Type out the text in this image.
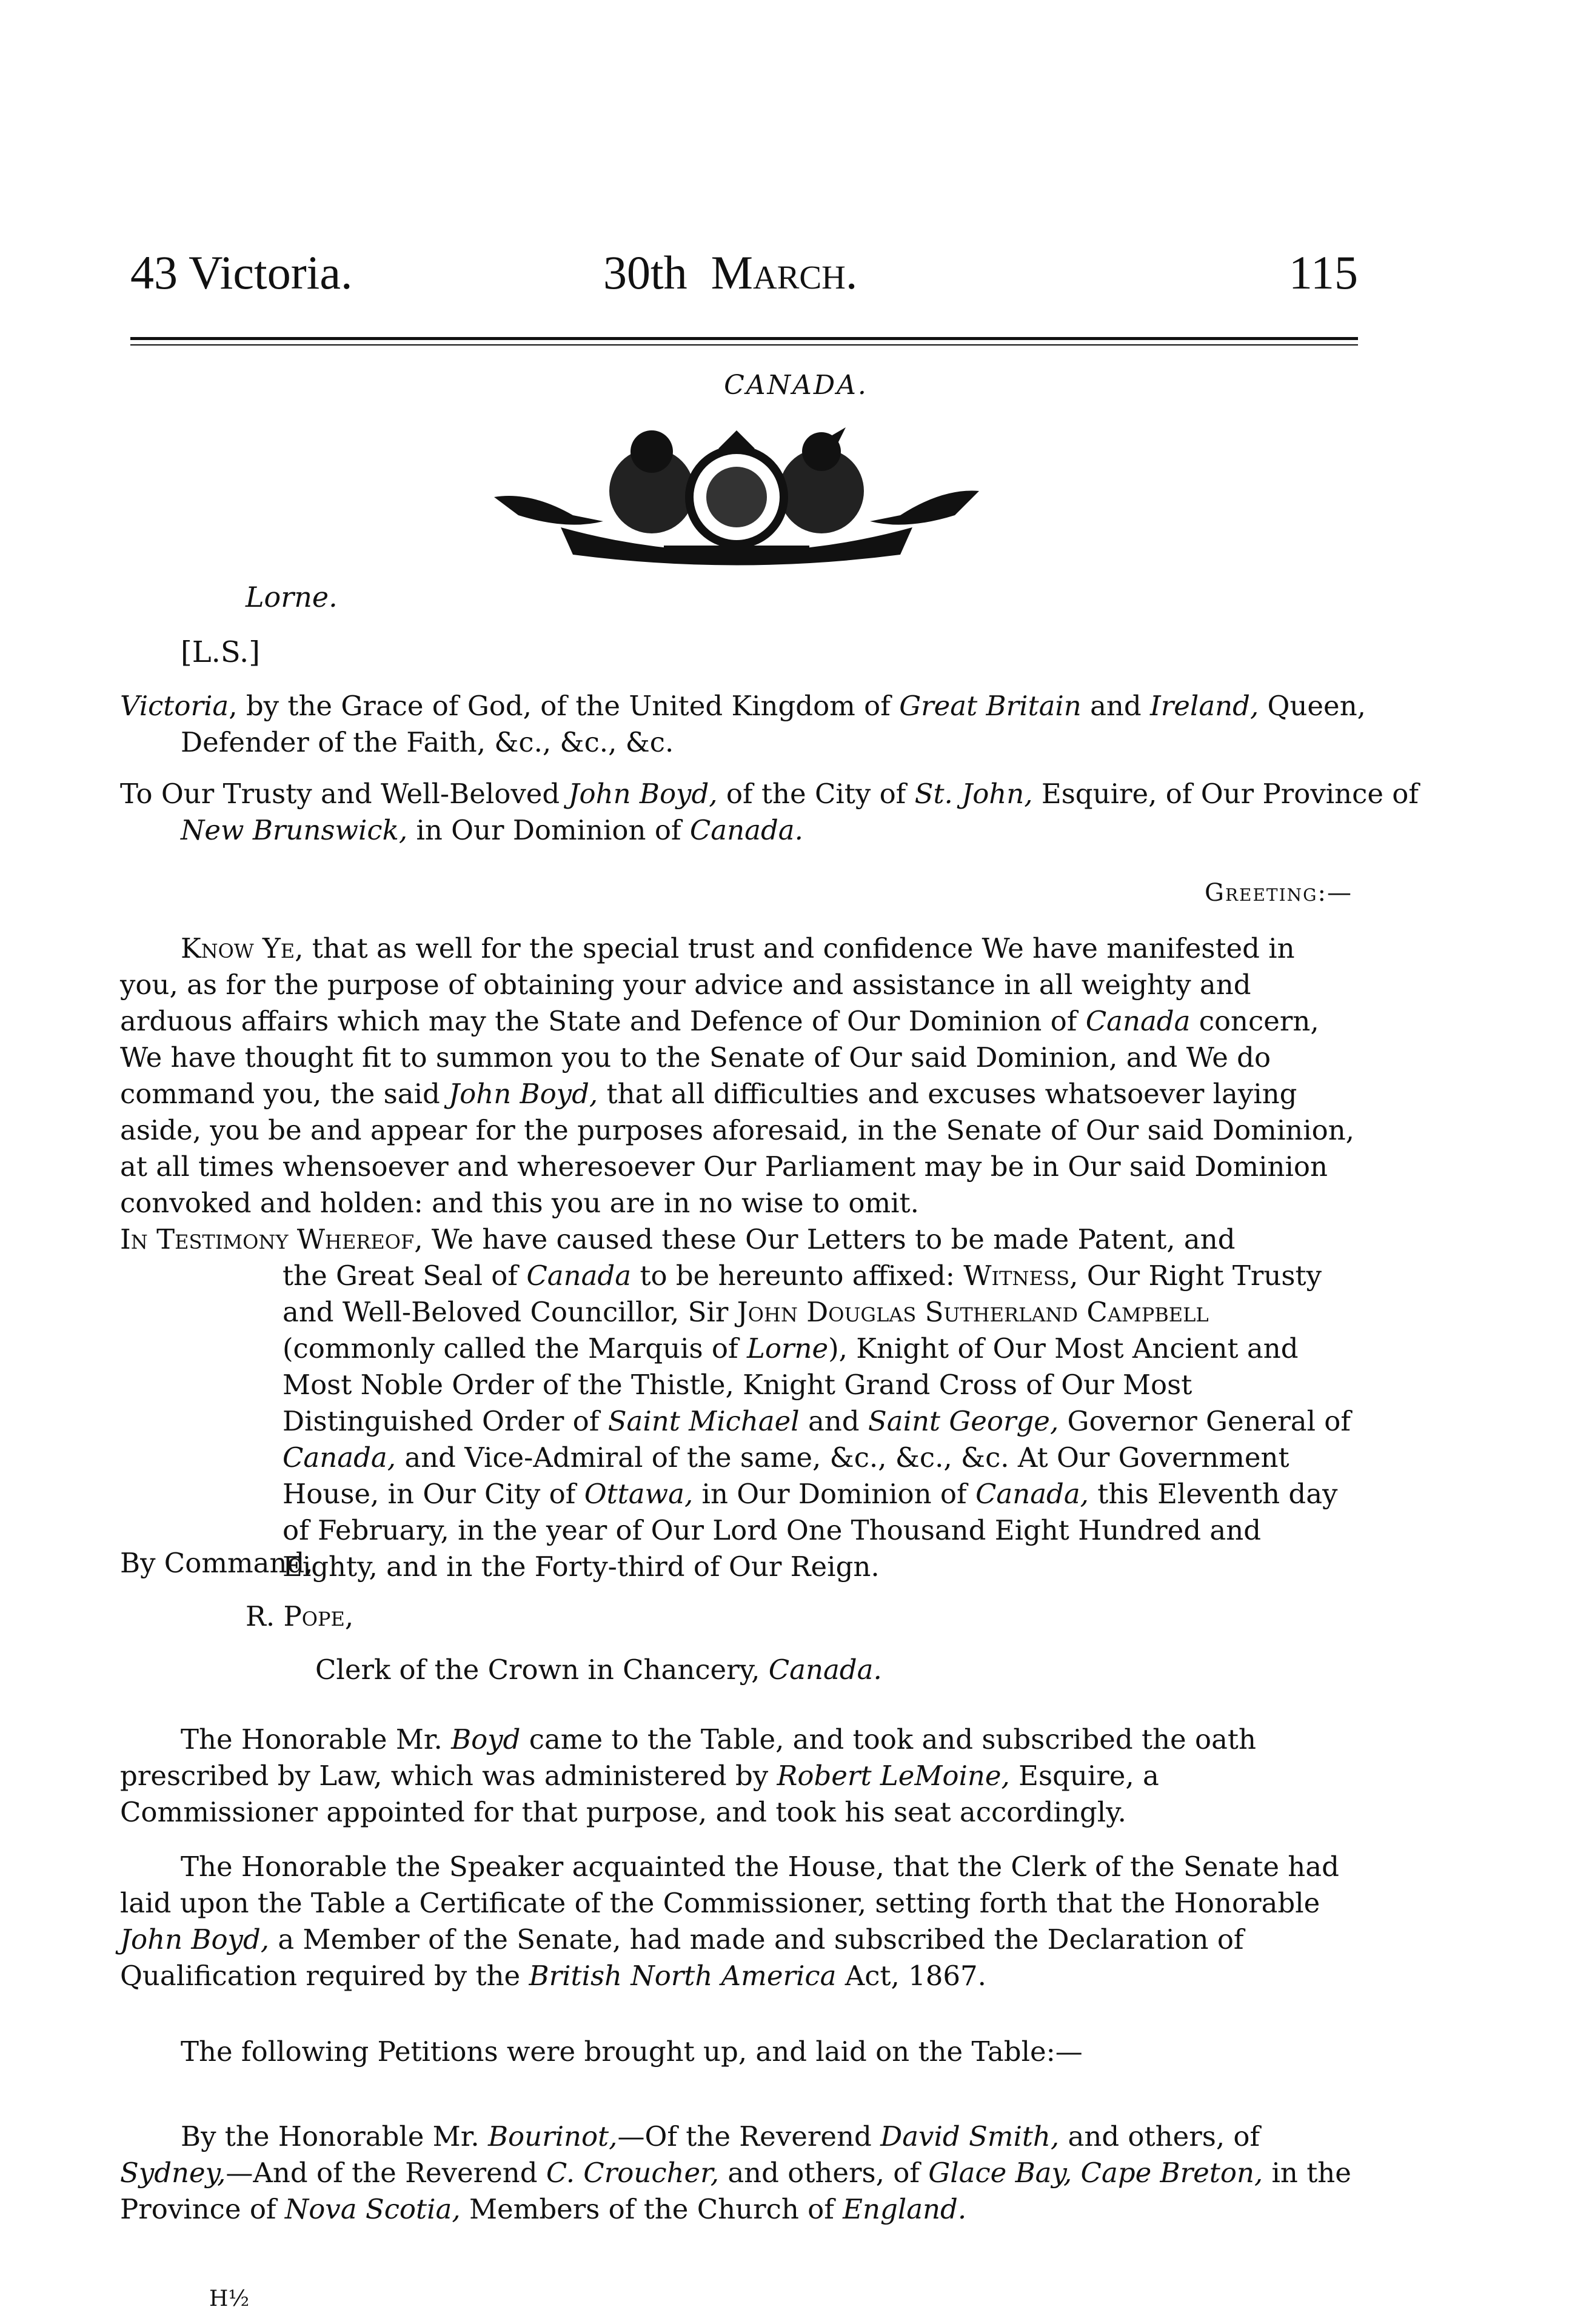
43 Victoria.	30th March.	115
CANADA.
Lorne.
[L.S.]
Victoria, by the Grace of God, of the United Kingdom of Great Britain and Ireland, Queen, Defender of the Faith, &c., &c., &c.
To Our Trusty and Well-Beloved John Boyd, of the City of St. John, Esquire, of Our Province of New Brunswick, in Our Dominion of Canada.
Greeting:—
Know Ye, that as well for the special trust and confidence We have manifested in you, as for the purpose of obtaining your advice and assistance in all weighty and arduous affairs which may the State and Defence of Our Dominion of Canada concern, We have thought fit to summon you to the Senate of Our said Dominion, and We do command you, the said John Boyd, that all difficulties and excuses whatsoever laying aside, you be and appear for the purposes aforesaid, in the Senate of Our said Dominion, at all times whensoever and wheresoever Our Parliament may be in Our said Dominion convoked and holden: and this you are in no wise to omit.
In Testimony Whereof, We have caused these Our Letters to be made Patent, and
the Great Seal of Canada to be hereunto affixed: Witness, Our Right Trusty and Well-Beloved Councillor, Sir John Douglas Sutherland Campbell (commonly called the Marquis of Lorne), Knight of Our Most Ancient and Most Noble Order of the Thistle, Knight Grand Cross of Our Most Distinguished Order of Saint Michael and Saint George, Governor General of Canada, and Vice-Admiral of the same, &c., &c., &c. At Our Government House, in Our City of Ottawa, in Our Dominion of Canada, this Eleventh day of February, in the year of Our Lord One Thousand Eight Hundred and Eighty, and in the Forty-third of Our Reign.
By Command,
R. Pope,
Clerk of the Crown in Chancery, Canada.
The Honorable Mr. Boyd came to the Table, and took and subscribed the oath prescribed by Law, which was administered by Robert LeMoine, Esquire, a Commissioner appointed for that purpose, and took his seat accordingly.
The Honorable the Speaker acquainted the House, that the Clerk of the Senate had laid upon the Table a Certificate of the Commissioner, setting forth that the Honorable John Boyd, a Member of the Senate, had made and subscribed the Declaration of Qualification required by the British North America Act, 1867.
The following Petitions were brought up, and laid on the Table:—
By the Honorable Mr. Bourinot,—Of the Reverend David Smith, and others, of Sydney,—And of the Reverend C. Croucher, and others, of Glace Bay, Cape Breton, in the Province of Nova Scotia, Members of the Church of England.
H½
